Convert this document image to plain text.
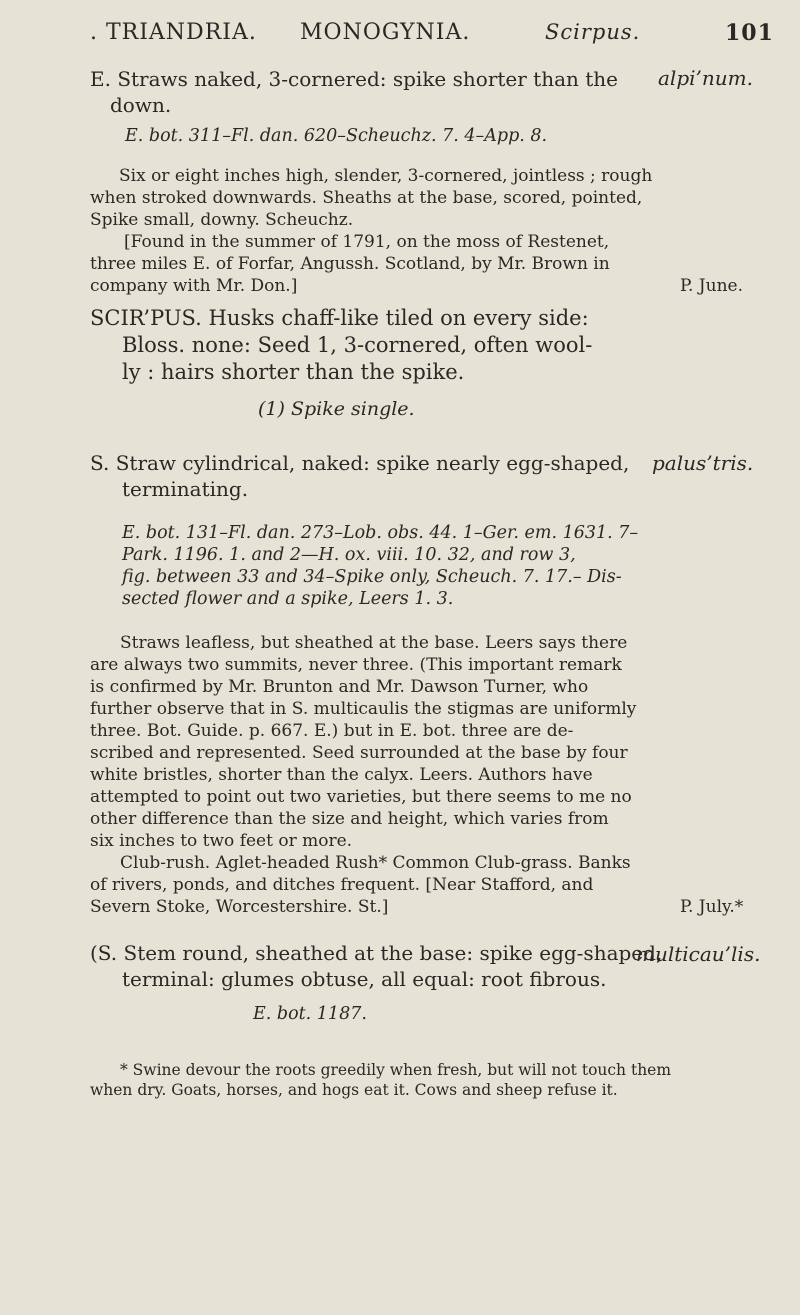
. TRIANDRIA. MONOGYNIA.	Scirpus.	101
E. Straws naked, 3-cornered: spike shorter than the
down.
alpi’num.
E. bot. 311–Fl. dan. 620–Scheuchz. 7. 4–App. 8.
Six or eight inches high, slender, 3-cornered, jointless ; rough
when stroked downwards. Sheaths at the base, scored, pointed,
Spike small, downy. Scheuchz.
[Found in the summer of 1791, on the moss of Restenet,
three miles E. of Forfar, Angussh. Scotland, by Mr. Brown in
company with Mr. Don.]	P. June.
SCIR’PUS. Husks chaff-like tiled on every side:
Bloss. none: Seed 1, 3-cornered, often wool-
ly : hairs shorter than the spike.
(1) Spike single.
S. Straw cylindrical, naked: spike nearly egg-shaped,
terminating.
palus’tris.
E. bot. 131–Fl. dan. 273–Lob. obs. 44. 1–Ger. em. 1631. 7–
Park. 1196. 1. and 2—H. ox. viii. 10. 32, and row 3,
fig. between 33 and 34–Spike only, Scheuch. 7. 17.– Dis-
sected flower and a spike, Leers 1. 3.
Straws leafless, but sheathed at the base. Leers says there
are always two summits, never three. (This important remark
is confirmed by Mr. Brunton and Mr. Dawson Turner, who
further observe that in S. multicaulis the stigmas are uniformly
three. Bot. Guide. p. 667. E.) but in E. bot. three are de-
scribed and represented. Seed surrounded at the base by four
white bristles, shorter than the calyx. Leers. Authors have
attempted to point out two varieties, but there seems to me no
other difference than the size and height, which varies from
six inches to two feet or more.
Club-rush. Aglet-headed Rush* Common Club-grass. Banks
of rivers, ponds, and ditches frequent. [Near Stafford, and
Severn Stoke, Worcestershire. St.]	P. July.*
(S. Stem round, sheathed at the base: spike egg-shaped,
terminal: glumes obtuse, all equal: root fibrous.
multicau’lis.
E. bot. 1187.
* Swine devour the roots greedily when fresh, but will not touch them
when dry. Goats, horses, and hogs eat it. Cows and sheep refuse it.
